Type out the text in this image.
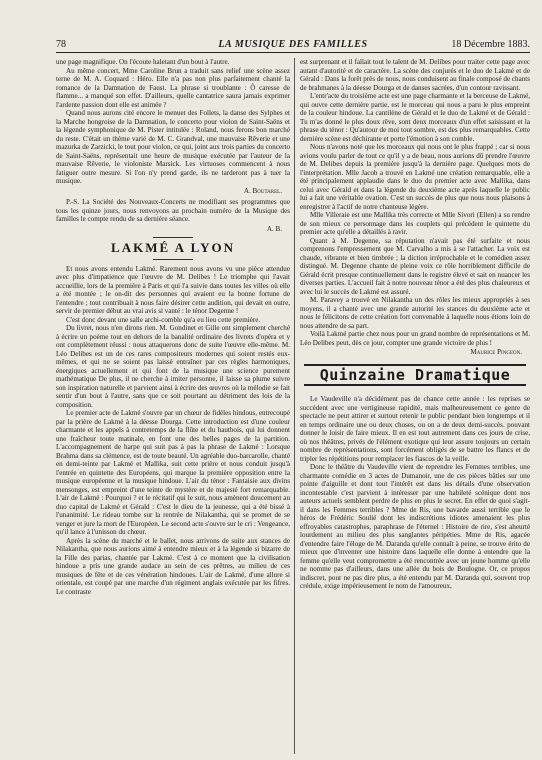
78	LA MUSIQUE DES FAMILLES	18 Décembre 1883.

une page magnifique. On l'écoute haletant d'un bout à l'autre.

Au même concert, Mme Caroline Brun a traduit sans relief une scène assez terne de M. A. Coquard : Héro. Elle n'a pas non plus parfaitement chanté la romance de la Damnation de Faust. La phrase si troublante : Ô caresse de flamme... a manqué son effet. D'ailleurs, quelle cantatrice saura jamais exprimer l'ardente passion dont elle est animée ?

Quand nous aurons cité encore le menuet des Follets, la danse des Sylphes et la Marche hongroise de la Damnation, le concerto pour violon de Saint-Saëns et la légende symphonique de M. Pister intitulée : Roland, nous ferons bon marché du reste. C'était un thème varié de M. C. Grandval, une mauvaise Rêverie et une mazurka de Zarzicki, le tout pour violon, ce qui, joint aux trois parties du concerto de Saint-Saëns, représentait une heure de musique exécutée par l'auteur de la mauvaise Rêverie, le violoniste Marsick. Les virtuoses commencent à nous fatiguer outre mesure. Si l'on n'y prend garde, ils ne tarderont pas à tuer la musique.

A. Boutarel.

P.-S. La Société des Nouveaux-Concerts ne modifiant ses programmes que tous les quinze jours, nous renvoyons au prochain numéro de la Musique des familles le compte rendu de sa dernière séance.

A. B.
LAKMÉ A LYON

Et nous avons entendu Lakmé. Rarement nous avons vu une pièce attendue avec plus d'impatience que l'œuvre de M. Delibes ! Le triomphe qui l'avait accueillie, lors de la première à Paris et qui l'a suivie dans toutes les villes où elle a été montée ; le on-dit des personnes qui avaient eu la bonne fortune de l'entendre ; tout contribuait à nous faire désirer cette audition, qui devait en outre, servir de premier début au vrai avis si vanté : le ténor Degenne !

C'est donc devant une salle archi-comble qu'a eu lieu cette première.

Du livret, nous n'en dirons rien. M. Gondinet et Gille ont simplement cherché à écrire un poème tout en dehors de la banalité ordinaire des livrets d'opéra et y ont complètement réussi : nous attaquerons donc de suite l'œuvre elle-même. M. Léo Delibes est un de ces rares compositeurs modernes qui soient restés eux-mêmes, et qui ne se soient pas laissé entraîner par ces règles harmoniques, énergiques actuellement et qui font de la musique une science purement mathématique De plus, il ne cherche à imiter personne, il laisse sa plume suivre son inspiration naturelle et parvient ainsi à écrire des œuvres où la mélodie se fait sentir d'un bout à l'autre, sans que ce soit pourtant au détriment des lois de la composition.

Le premier acte de Lakmé s'ouvre par un chœur de fidèles hindous, entrecoupé par la prière de Lakmé à la déesse Dourga. Cette introduction est d'une couleur charmante et les appels à contretemps de la flûte et du hautbois, qui lui donnent une fraîcheur toute matinale, en font une des belles pages de la partition. L'accompagnement de harpe qui suit pas à pas la phrase de Lakmé : Lorsque Brahma dans sa clémence, est de toute beauté. Un agréable duo-barcarolle, chanté en demi-teinte par Lakmé et Mallika, suit cette prière et nous conduit jusqu'à l'entrée en quintette des Européens, qui marque la première opposition entre la musique européenne et la musique hindoue. L'air du ténor : Fantaisie aux divins mensonges, est empreint d'une teinte de mystère et de majesté fort remarquable. L'air de Lakmé : Pourquoi ? et le récitatif qui le suit, nous amènent doucement au duo capital de Lakmé et Gérald : C'est le dieu de la jeunesse, qui a été bissé à l'unanimité. Le rideau tombe sur la rentrée de Nilakantha, qui se promet de se venger et jure la mort de l'Européen. Le second acte s'ouvre sur le cri : Vengeance, qu'il lance à l'unisson du chœur.

Après la scène du marché et le ballet, nous arrivons de suite aux stances de Nilakantha, que nous aurions aimé à entendre mieux et à la légende si bizarre de la Fille des parias, chantée par Lakmé. C'est à ce moment que la civilisation hindoue a pris une grande audace au sein de ces prêtres, au milieu de ces musiques de fête et de ces vénération hindoues. L'air de Lakmé, d'une allure si orientale, est coupé par une marche d'un régiment anglais exécutée par les fifres. Le contraste

est surprenant et il fallait tout le talent de M. Delibes pour traiter cette page avec autant d'autorité et de caractère. La scène des conjurés et le duo de Lakmé et de Gérald : Dans la forêt près de nous, nous conduisent au finale composé de chants de brahmanes à la déesse Dourga et de danses sacrées, d'un contour ravissant.

L'entr'acte du troisième acte est une page charmante et la berceuse de Lakmé, qui ouvre cette dernière partie, est le morceau qui nous a paru le plus empreint de la couleur hindoue. La cantilène de Gérald et le duo de Lakmé et de Gérald : Tu m'as donné le plus doux rêve, sont deux morceaux d'un effet saisissant et la phrase du ténor : Qu'autour de moi tout sombre, est des plus remarquables. Cette dernière scène est déchirante et porte l'émotion à son comble.

Nous n'avons noté que les morceaux qui nous ont le plus frappé ; car si nous avions voulu parler de tout ce qu'il y a de beau, nous aurions dû prendre l'œuvre de M. Delibes depuis la première jusqu'à la dernière page. Quelques mots de l'interprétation. Mlle Jacob a trouvé en Lakmé une création remarquable, elle a été principalement applaudie dans le duo du premier acte avec Mallika, dans celui avec Gérald et dans la légende du deuxième acte après laquelle le public lui a fait une véritable ovation. C'est un succès de plus que nous nous plaisons à enregistrer à l'actif de notre chanteuse légère.

Mlle Villeraie est une Mallika très correcte et Mlle Sivori (Ellen) a su rendre de son mieux ce personnage dans les couplets qui précèdent le quintette du premier acte qu'elle a détaillés à ravir.

Quant à M. Degenne, sa réputation n'avait pas été surfaite et nous comprenons l'empressement que M. Carvalho a mis à se l'attacher. La voix est chaude, vibrante et bien timbrée ; la diction irréprochable et le comédien assez distingué. M. Degenne chante de pleine voix ce rôle horriblement difficile de Gérald écrit presque continuellement dans le registre élevé et sait en nuancer les diverses parties. L'accueil fait à notre nouveau ténor a été des plus chaleureux et avec lui le succès de Lakmé est assuré.

M. Paravey a trouvé en Nilakantha un des rôles les mieux appropriés à ses moyens, il a chanté avec une grande autorité les stances du deuxième acte et nous le félicitons de cette création fort convenable à laquelle nous étions loin de nous attendre de sa part.

Voilà Lakmé partie chez nous pour un grand nombre de représentations et M. Léo Delibes peut, dès ce jour, compter une grande victoire de plus !

Maurice Pingeon.
Quinzaine Dramatique

Le Vaudeville n'a décidément pas de chance cette année : les reprises se succèdent avec une vertigineuse rapidité, mais malheureusement ce genre de spectacle ne peut attirer et surtout retenir le public pendant bien longtemps et il en temps ordinaire une ou deux choses, ou on a de deux demi-succès. pouvant donner le loisir de faire mieux. Il en est tout autrement dans ces jours de crise, où nos théâtres, privés de l'élément exotique qui leur assure toujours un certain nombre de représentations, sont forcément obligés de se battre les flancs et de tripler les répétitions pour remplacer les fiascos de la veille.

Donc le théâtre du Vaudeville vient de reprendre les Femmes terribles, une charmante comédie en 3 actes de Dumanoir, une de ces pièces bâties sur une pointe d'aiguille et dont tout l'intérêt est dans les détails d'une observation incontestable c'est parvient à intéresser par une habileté scénique dont nos auteurs actuels semblent perdre de plus en plus le secret. En effet de quoi s'agit-il dans les Femmes terribles ? Mme de Ris, une bavarde aussi terrible que le héros de Frédéric Soulié dont les indiscrétions idiotes amenaient les plus effroyables catastrophes, paraphrase de l'éternel : Histoire de rire, s'est aheurté lourdement au milieu des plus sanglantes péripéties. Mme de Ris, agacée d'entendre faire l'éloge de M. Daranda qu'elle connaît à peine, se trouve érito de mieux que d'inventer une histoire dans laquelle elle donne à entendre que la femme qu'elle veut compromettre a été rencontrée avec un jeune homme qu'elle ne nomme pas d'ailleurs, dans une allée du bois de Boulogne. Or, ce propos indiscret, pour ne pas dire plus, a été entendu par M. Daranda qui, souvent trop crédule, exige impérieusement le nom de l'amoureux,
